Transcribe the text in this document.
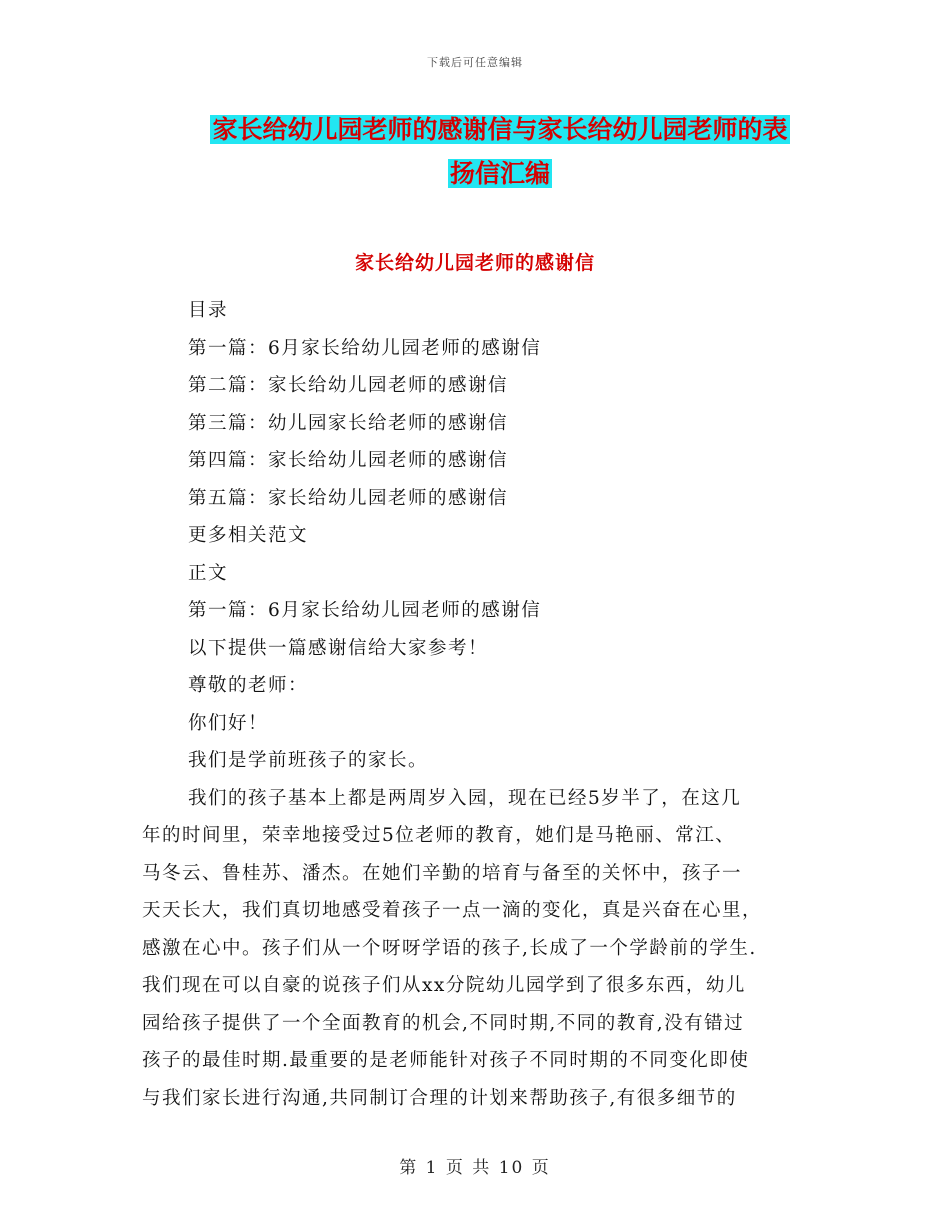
下载后可任意编辑
家长给幼儿园老师的感谢信与家长给幼儿园老师的表
扬信汇编
家长给幼儿园老师的感谢信
目录
第一篇：6月家长给幼儿园老师的感谢信
第二篇：家长给幼儿园老师的感谢信
第三篇：幼儿园家长给老师的感谢信
第四篇：家长给幼儿园老师的感谢信
第五篇：家长给幼儿园老师的感谢信
更多相关范文
正文
第一篇：6月家长给幼儿园老师的感谢信
以下提供一篇感谢信给大家参考！
尊敬的老师：
你们好！
我们是学前班孩子的家长。
我们的孩子基本上都是两周岁入园，现在已经5岁半了，在这几
年的时间里，荣幸地接受过5位老师的教育，她们是马艳丽、常江、
马冬云、鲁桂苏、潘杰。在她们辛勤的培育与备至的关怀中，孩子一
天天长大，我们真切地感受着孩子一点一滴的变化，真是兴奋在心里，
感激在心中。孩子们从一个呀呀学语的孩子,长成了一个学龄前的学生.
我们现在可以自豪的说孩子们从xx分院幼儿园学到了很多东西，幼儿
园给孩子提供了一个全面教育的机会,不同时期,不同的教育,没有错过
孩子的最佳时期.最重要的是老师能针对孩子不同时期的不同变化即使
与我们家长进行沟通,共同制订合理的计划来帮助孩子,有很多细节的
第 1 页 共 10 页
